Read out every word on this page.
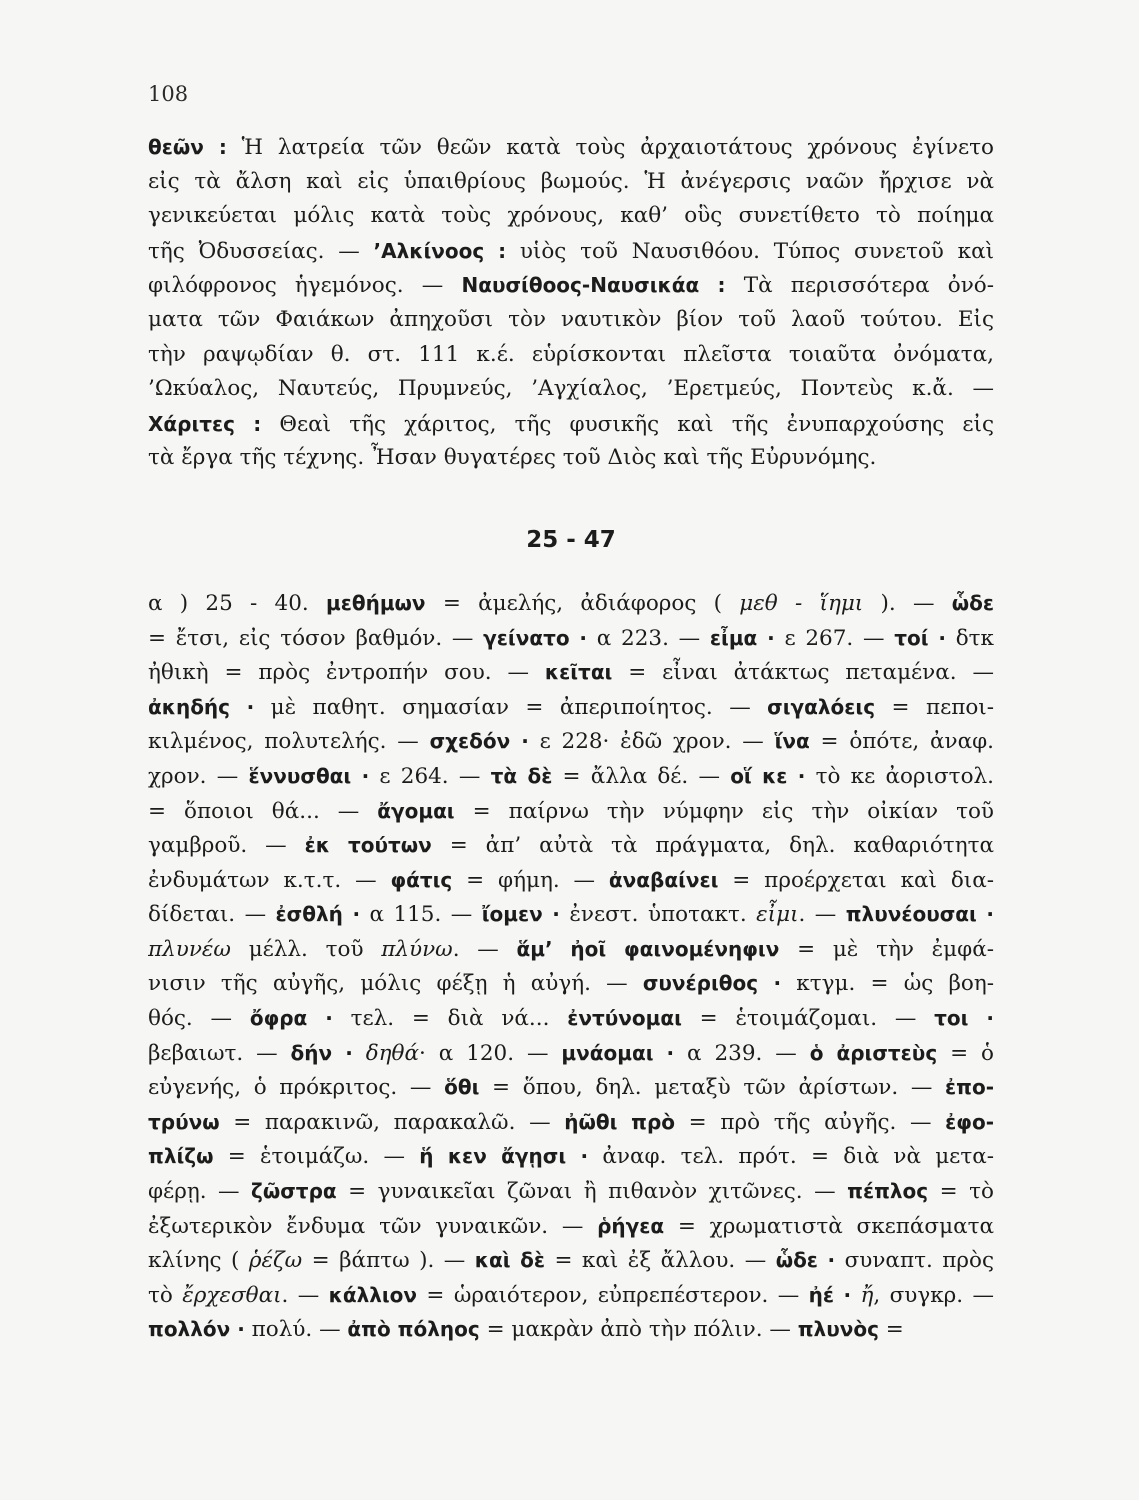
108
θεῶν : Ἡ λατρεία τῶν θεῶν κατὰ τοὺς ἀρχαιοτάτους χρόνους ἐγίνετο
εἰς τὰ ἄλση καὶ εἰς ὑπαιθρίους βωμούς. Ἡ ἀνέγερσις ναῶν ἤρχισε νὰ
γενικεύεται μόλις κατὰ τοὺς χρόνους, καθ’ οὓς συνετίθετο τὸ ποίημα
τῆς Ὀδυσσείας. — ’Αλκίνοος : υἱὸς τοῦ Ναυσιθόου. Τύπος συνετοῦ καὶ
φιλόφρονος ἡγεμόνος. — Ναυσίθοος-Ναυσικάα : Τὰ περισσότερα ὀνό-
ματα τῶν Φαιάκων ἀπηχοῦσι τὸν ναυτικὸν βίον τοῦ λαοῦ τούτου. Εἰς
τὴν ραψῳδίαν θ. στ. 111 κ.έ. εὑρίσκονται πλεῖστα τοιαῦτα ὀνόματα,
’Ωκύαλος, Ναυτεύς, Πρυμνεύς, ’Αγχίαλος, ’Ερετμεύς, Ποντεὺς κ.ἄ. —
Χάριτες : Θεαὶ τῆς χάριτος, τῆς φυσικῆς καὶ τῆς ἐνυπαρχούσης εἰς
τὰ ἔργα τῆς τέχνης. Ἦσαν θυγατέρες τοῦ Διὸς καὶ τῆς Εὐρυνόμης.
25 - 47
α ) 25 - 40. μεθήμων = ἀμελής, ἀδιάφορος ( μεθ - ἵημι ). — ὧδε
= ἔτσι, εἰς τόσον βαθμόν. — γείνατο · α 223. — εἶμα · ε 267. — τοί · δτκ
ἠθικὴ = πρὸς ἐντροπήν σου. — κεῖται = εἶναι ἀτάκτως πεταμένα. —
ἀκηδής · μὲ παθητ. σημασίαν = ἀπεριποίητος. — σιγαλόεις = πεποι-
κιλμένος, πολυτελής. — σχεδόν · ε 228· ἐδῶ χρον. — ἵνα = ὁπότε, ἀναφ.
χρον. — ἕννυσθαι · ε 264. — τὰ δὲ = ἄλλα δέ. — οἵ κε · τὸ κε ἀοριστολ.
= ὅποιοι θά... — ἄγομαι = παίρνω τὴν νύμφην εἰς τὴν οἰκίαν τοῦ
γαμβροῦ. — ἐκ τούτων = ἀπ’ αὐτὰ τὰ πράγματα, δηλ. καθαριότητα
ἐνδυμάτων κ.τ.τ. — φάτις = φήμη. — ἀναβαίνει = προέρχεται καὶ δια-
δίδεται. — ἐσθλή · α 115. — ἴομεν · ἐνεστ. ὑποτακτ. εἶμι. — πλυνέουσαι ·
πλυνέω μέλλ. τοῦ πλύνω. — ἅμ’ ἠοῖ φαινομένηφιν = μὲ τὴν ἐμφά-
νισιν τῆς αὐγῆς, μόλις φέξῃ ἡ αὐγή. — συνέριθος · κτγμ. = ὡς βοη-
θός. — ὄφρα · τελ. = διὰ νά... ἐντύνομαι = ἑτοιμάζομαι. — τοι ·
βεβαιωτ. — δήν · δηθά· α 120. — μνάομαι · α 239. — ὁ ἀριστεὺς = ὁ
εὐγενής, ὁ πρόκριτος. — ὅθι = ὅπου, δηλ. μεταξὺ τῶν ἀρίστων. — ἐπο-
τρύνω = παρακινῶ, παρακαλῶ. — ἠῶθι πρὸ = πρὸ τῆς αὐγῆς. — ἐφο-
πλίζω = ἑτοιμάζω. — ἥ κεν ἄγῃσι · ἀναφ. τελ. πρότ. = διὰ νὰ μετα-
φέρῃ. — ζῶστρα = γυναικεῖαι ζῶναι ἢ πιθανὸν χιτῶνες. — πέπλος = τὸ
ἐξωτερικὸν ἔνδυμα τῶν γυναικῶν. — ῥήγεα = χρωματιστὰ σκεπάσματα
κλίνης ( ῥέζω = βάπτω ). — καὶ δὲ = καὶ ἐξ ἄλλου. — ὧδε · συναπτ. πρὸς
τὸ ἔρχεσθαι. — κάλλιον = ὡραιότερον, εὐπρεπέστερον. — ἠέ · ἤ, συγκρ. —
πολλόν · πολύ. — ἀπὸ πόληος = μακρὰν ἀπὸ τὴν πόλιν. — πλυνὸς =
